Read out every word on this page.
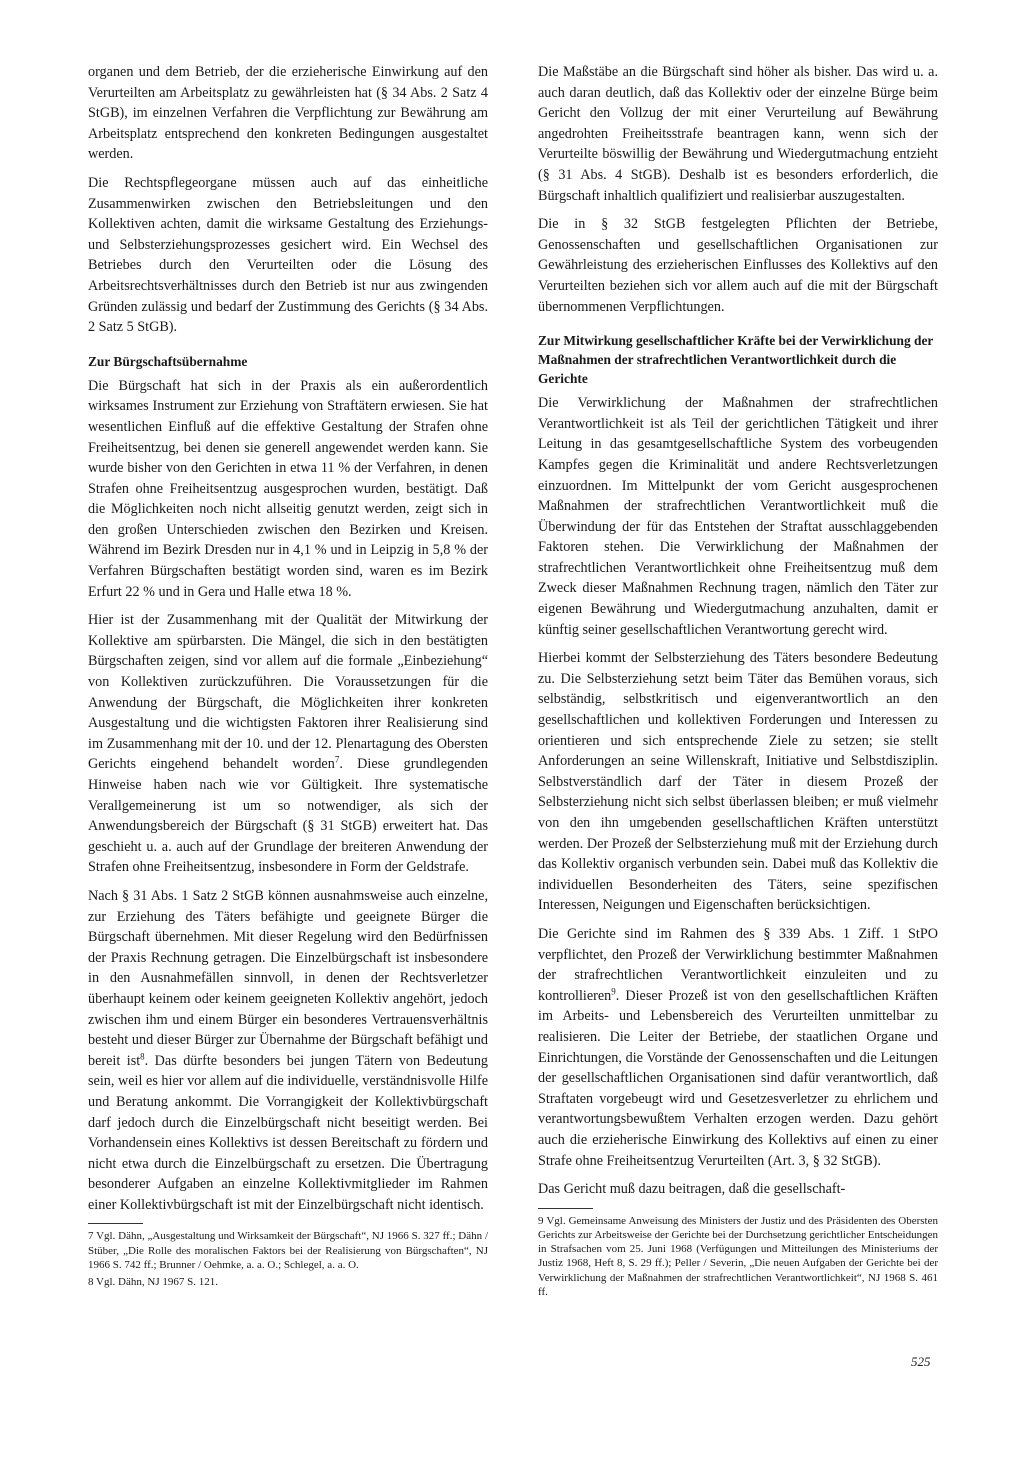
organen und dem Betrieb, der die erzieherische Einwirkung auf den Verurteilten am Arbeitsplatz zu gewährleisten hat (§ 34 Abs. 2 Satz 4 StGB), im einzelnen Verfahren die Verpflichtung zur Bewährung am Arbeitsplatz entsprechend den konkreten Bedingungen ausgestaltet werden.

Die Rechtspflegeorgane müssen auch auf das einheitliche Zusammenwirken zwischen den Betriebsleitungen und den Kollektiven achten, damit die wirksame Gestaltung des Erziehungs- und Selbsterziehungsprozesses gesichert wird. Ein Wechsel des Betriebes durch den Verurteilten oder die Lösung des Arbeitsrechtsverhältnisses durch den Betrieb ist nur aus zwingenden Gründen zulässig und bedarf der Zustimmung des Gerichts (§ 34 Abs. 2 Satz 5 StGB).

Zur Bürgschaftsübernahme

Die Bürgschaft hat sich in der Praxis als ein außerordentlich wirksames Instrument zur Erziehung von Straftätern erwiesen. Sie hat wesentlichen Einfluß auf die effektive Gestaltung der Strafen ohne Freiheitsentzug, bei denen sie generell angewendet werden kann. Sie wurde bisher von den Gerichten in etwa 11 % der Verfahren, in denen Strafen ohne Freiheitsentzug ausgesprochen wurden, bestätigt. Daß die Möglichkeiten noch nicht allseitig genutzt werden, zeigt sich in den großen Unterschieden zwischen den Bezirken und Kreisen. Während im Bezirk Dresden nur in 4,1 % und in Leipzig in 5,8 % der Verfahren Bürgschaften bestätigt worden sind, waren es im Bezirk Erfurt 22 % und in Gera und Halle etwa 18 %.

Hier ist der Zusammenhang mit der Qualität der Mitwirkung der Kollektive am spürbarsten. Die Mängel, die sich in den bestätigten Bürgschaften zeigen, sind vor allem auf die formale „Einbeziehung“ von Kollektiven zurückzuführen. Die Voraussetzungen für die Anwendung der Bürgschaft, die Möglichkeiten ihrer konkreten Ausgestaltung und die wichtigsten Faktoren ihrer Realisierung sind im Zusammenhang mit der 10. und der 12. Plenartagung des Obersten Gerichts eingehend behandelt worden$^7$. Diese grundlegenden Hinweise haben nach wie vor Gültigkeit. Ihre systematische Verallgemeinerung ist um so notwendiger, als sich der Anwendungsbereich der Bürgschaft (§ 31 StGB) erweitert hat. Das geschieht u. a. auch auf der Grundlage der breiteren Anwendung der Strafen ohne Freiheitsentzug, insbesondere in Form der Geldstrafe.

Nach § 31 Abs. 1 Satz 2 StGB können ausnahmsweise auch einzelne, zur Erziehung des Täters befähigte und geeignete Bürger die Bürgschaft übernehmen. Mit dieser Regelung wird den Bedürfnissen der Praxis Rechnung getragen. Die Einzelbürgschaft ist insbesondere in den Ausnahmefällen sinnvoll, in denen der Rechtsverletzer überhaupt keinem oder keinem geeigneten Kollektiv angehört, jedoch zwischen ihm und einem Bürger ein besonderes Vertrauensverhältnis besteht und dieser Bürger zur Übernahme der Bürgschaft befähigt und bereit ist$^8$. Das dürfte besonders bei jungen Tätern von Bedeutung sein, weil es hier vor allem auf die individuelle, verständnisvolle Hilfe und Beratung ankommt. Die Vorrangigkeit der Kollektivbürgschaft darf jedoch durch die Einzelbürgschaft nicht beseitigt werden. Bei Vorhandensein eines Kollektivs ist dessen Bereitschaft zu fördern und nicht etwa durch die Einzelbürgschaft zu ersetzen. Die Übertragung besonderer Aufgaben an einzelne Kollektivmitglieder im Rahmen einer Kollektivbürgschaft ist mit der Einzelbürgschaft nicht identisch.

7 Vgl. Dähn, „Ausgestaltung und Wirksamkeit der Bürgschaft“, NJ 1966 S. 327 ff.; Dähn / Stüber, „Die Rolle des moralischen Faktors bei der Realisierung von Bürgschaften“, NJ 1966 S. 742 ff.; Brunner / Oehmke, a. a. O.; Schlegel, a. a. O.

8 Vgl. Dähn, NJ 1967 S. 121.

Die Maßstäbe an die Bürgschaft sind höher als bisher. Das wird u. a. auch daran deutlich, daß das Kollektiv oder der einzelne Bürge beim Gericht den Vollzug der mit einer Verurteilung auf Bewährung angedrohten Freiheitsstrafe beantragen kann, wenn sich der Verurteilte böswillig der Bewährung und Wiedergutmachung entzieht (§ 31 Abs. 4 StGB). Deshalb ist es besonders erforderlich, die Bürgschaft inhaltlich qualifiziert und realisierbar auszugestalten.

Die in § 32 StGB festgelegten Pflichten der Betriebe, Genossenschaften und gesellschaftlichen Organisationen zur Gewährleistung des erzieherischen Einflusses des Kollektivs auf den Verurteilten beziehen sich vor allem auch auf die mit der Bürgschaft übernommenen Verpflichtungen.

Zur Mitwirkung gesellschaftlicher Kräfte bei der Verwirklichung der Maßnahmen der strafrechtlichen Verantwortlichkeit durch die Gerichte

Die Verwirklichung der Maßnahmen der strafrechtlichen Verantwortlichkeit ist als Teil der gerichtlichen Tätigkeit und ihrer Leitung in das gesamtgesellschaftliche System des vorbeugenden Kampfes gegen die Kriminalität und andere Rechtsverletzungen einzuordnen. Im Mittelpunkt der vom Gericht ausgesprochenen Maßnahmen der strafrechtlichen Verantwortlichkeit muß die Überwindung der für das Entstehen der Straftat ausschlaggebenden Faktoren stehen. Die Verwirklichung der Maßnahmen der strafrechtlichen Verantwortlichkeit ohne Freiheitsentzug muß dem Zweck dieser Maßnahmen Rechnung tragen, nämlich den Täter zur eigenen Bewährung und Wiedergutmachung anzuhalten, damit er künftig seiner gesellschaftlichen Verantwortung gerecht wird.

Hierbei kommt der Selbsterziehung des Täters besondere Bedeutung zu. Die Selbsterziehung setzt beim Täter das Bemühen voraus, sich selbständig, selbstkritisch und eigenverantwortlich an den gesellschaftlichen und kollektiven Forderungen und Interessen zu orientieren und sich entsprechende Ziele zu setzen; sie stellt Anforderungen an seine Willenskraft, Initiative und Selbstdisziplin. Selbstverständlich darf der Täter in diesem Prozeß der Selbsterziehung nicht sich selbst überlassen bleiben; er muß vielmehr von den ihn umgebenden gesellschaftlichen Kräften unterstützt werden. Der Prozeß der Selbsterziehung muß mit der Erziehung durch das Kollektiv organisch verbunden sein. Dabei muß das Kollektiv die individuellen Besonderheiten des Täters, seine spezifischen Interessen, Neigungen und Eigenschaften berücksichtigen.

Die Gerichte sind im Rahmen des § 339 Abs. 1 Ziff. 1 StPO verpflichtet, den Prozeß der Verwirklichung bestimmter Maßnahmen der strafrechtlichen Verantwortlichkeit einzuleiten und zu kontrollieren$^9$. Dieser Prozeß ist von den gesellschaftlichen Kräften im Arbeits- und Lebensbereich des Verurteilten unmittelbar zu realisieren. Die Leiter der Betriebe, der staatlichen Organe und Einrichtungen, die Vorstände der Genossenschaften und die Leitungen der gesellschaftlichen Organisationen sind dafür verantwortlich, daß Straftaten vorgebeugt wird und Gesetzesverletzer zu ehrlichem und verantwortungsbewußtem Verhalten erzogen werden. Dazu gehört auch die erzieherische Einwirkung des Kollektivs auf einen zu einer Strafe ohne Freiheitsentzug Verurteilten (Art. 3, § 32 StGB).

Das Gericht muß dazu beitragen, daß die gesellschaft-

9 Vgl. Gemeinsame Anweisung des Ministers der Justiz und des Präsidenten des Obersten Gerichts zur Arbeitsweise der Gerichte bei der Durchsetzung gerichtlicher Entscheidungen in Strafsachen vom 25. Juni 1968 (Verfügungen und Mitteilungen des Ministeriums der Justiz 1968, Heft 8, S. 29 ff.); Peller / Severin, „Die neuen Aufgaben der Gerichte bei der Verwirklichung der Maßnahmen der strafrechtlichen Verantwortlichkeit“, NJ 1968 S. 461 ff.

525
